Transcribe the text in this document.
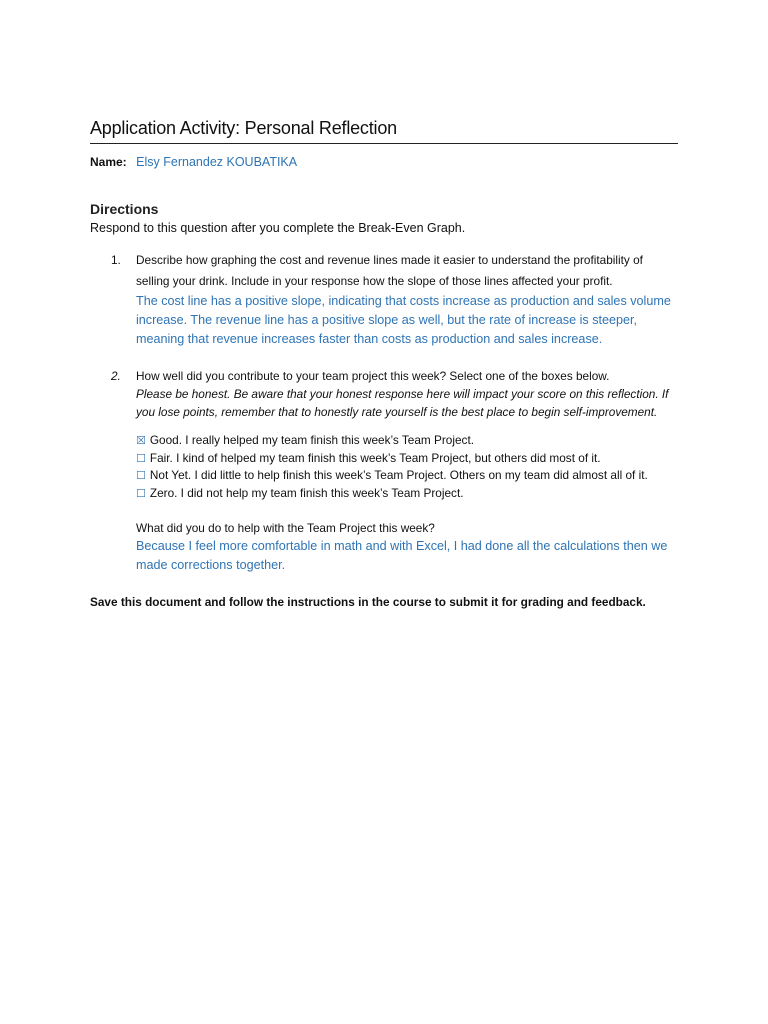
Application Activity: Personal Reflection
Name: Elsy Fernandez KOUBATIKA
Directions
Respond to this question after you complete the Break-Even Graph.
1. Describe how graphing the cost and revenue lines made it easier to understand the profitability of selling your drink. Include in your response how the slope of those lines affected your profit.
The cost line has a positive slope, indicating that costs increase as production and sales volume increase. The revenue line has a positive slope as well, but the rate of increase is steeper, meaning that revenue increases faster than costs as production and sales increase.
2. How well did you contribute to your team project this week? Select one of the boxes below.
Please be honest. Be aware that your honest response here will impact your score on this reflection. If you lose points, remember that to honestly rate yourself is the best place to begin self-improvement.
☒ Good. I really helped my team finish this week’s Team Project.
☐ Fair. I kind of helped my team finish this week’s Team Project, but others did most of it.
☐ Not Yet. I did little to help finish this week’s Team Project. Others on my team did almost all of it.
☐ Zero. I did not help my team finish this week’s Team Project.
What did you do to help with the Team Project this week?
Because I feel more comfortable in math and with Excel, I had done all the calculations then we made corrections together.
Save this document and follow the instructions in the course to submit it for grading and feedback.
